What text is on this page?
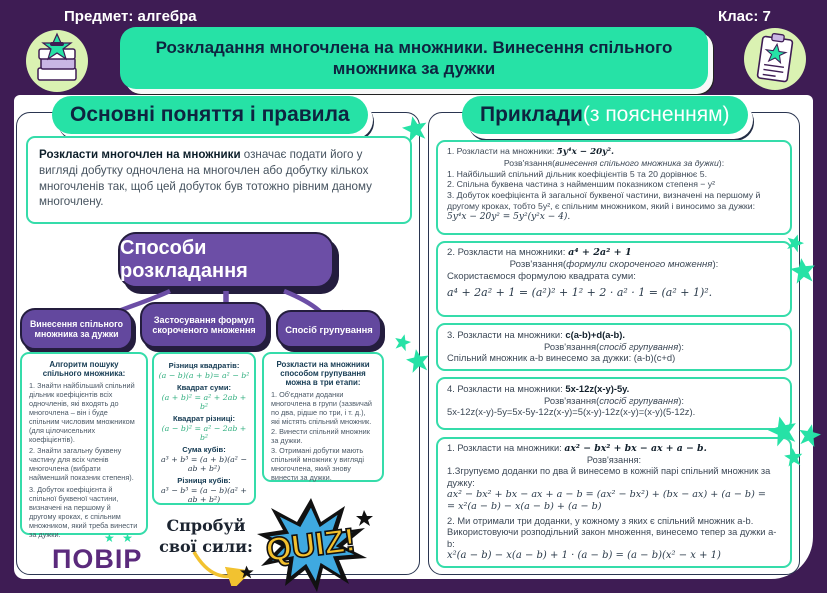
Предмет: алгебра	Клас: 7
Розкладання многочлена на множники. Винесення спільного множника за дужки
Основні поняття і правила	Приклади (з поясненням)
Розкласти многочлен на множники означає подати його у вигляді добутку одночлена на многочлен або добутку кількох многочленів так, щоб цей добуток був тотожно рівним даному многочлену.
Способи розкладання
Винесення спільного множника за дужки
Застосування формул скороченого множення	Спосіб групування
Алгоритм пошуку спільного множника:
1. Знайти найбільший спільний дільник коефіцієнтів всіх одночленів, які входять до многочлена – він і буде спільним числовим множником (для цілочисельних коефіцієнтів).
2. Знайти загальну буквену частину для всіх членів многочлена (вибрати найменший показник степеня).
3. Добуток коефіцієнта й спільної буквеної частини, визначені на першому й другому кроках, є спільним множником, який треба винести за дужки.
Різниця квадратів:
(a − b)(a + b)= a² − b²
Квадрат суми:
(a + b)² = a² + 2ab + b²
Квадрат різниці:
(a − b)² = a² − 2ab + b²
Сума кубів:
a³ + b³ = (a + b)(a² − ab + b²)
Різниця кубів:
a³ − b³ = (a − b)(a² + ab + b²)
Розкласти на множники способом групування можна в три етапи:
1. Об'єднати доданки многочлена в групи (зазвичай по два, рідше по три, і т. д.), які містять спільний множник.
2. Винести спільний множник за дужки.
3. Отримані добутки мають спільний множник у вигляді многочлена, який знову винести за дужки.
Спробуй свої сили: QUIZ!
★ ★
ПОВІР
1. Розкласти на множники: 5y⁴x − 20y².
Розв'язання(винесення спільного множника за дужки):
1. Найбільший спільний дільник коефіцієнтів 5 та 20 дорівнює 5.
2. Спільна буквена частина з найменшим показником степеня − y²
3. Добуток коефіцієнта й загальної буквеної частини, визначені на першому й другому кроках, тобто 5y², є спільним множником, який і виносимо за дужки:
5y⁴x − 20y² = 5y²(y²x − 4).
2. Розкласти на множники: a⁴ + 2a² + 1
Розв'язання(формули скороченого множення):
Скористаємося формулою квадрата суми:
a⁴ + 2a² + 1 = (a²)² + 1² + 2 · a² · 1 = (a² + 1)².
3. Розкласти на множники: c(a-b)+d(a-b).
Розв'язання(спосіб групування):
Спільний множник a-b винесемо за дужки: (a-b)(c+d)
4. Розкласти на множники: 5x-12z(x-y)-5y.
Розв'язання(спосіб групування):
5x-12z(x-y)-5y=5x-5y-12z(x-y)=5(x-y)-12z(x-y)=(x-y)(5-12z).
1. Розкласти на множники: ax² − bx² + bx − ax + a − b.
Розв'язання:
1.Згрупуємо доданки по два й винесемо в кожній парі спільний множник за дужку:
ax² − bx² + bx − ax + a − b = (ax² − bx²) + (bx − ax) + (a − b) =
= x²(a − b) − x(a − b) + (a − b)
2. Ми отримали три доданки, у кожному з яких є спільний множник a-b.
Використовуючи розподільний закон множення, винесемо тепер за дужки a-b:
x²(a − b) − x(a − b) + 1 · (a − b) = (a − b)(x² − x + 1)
